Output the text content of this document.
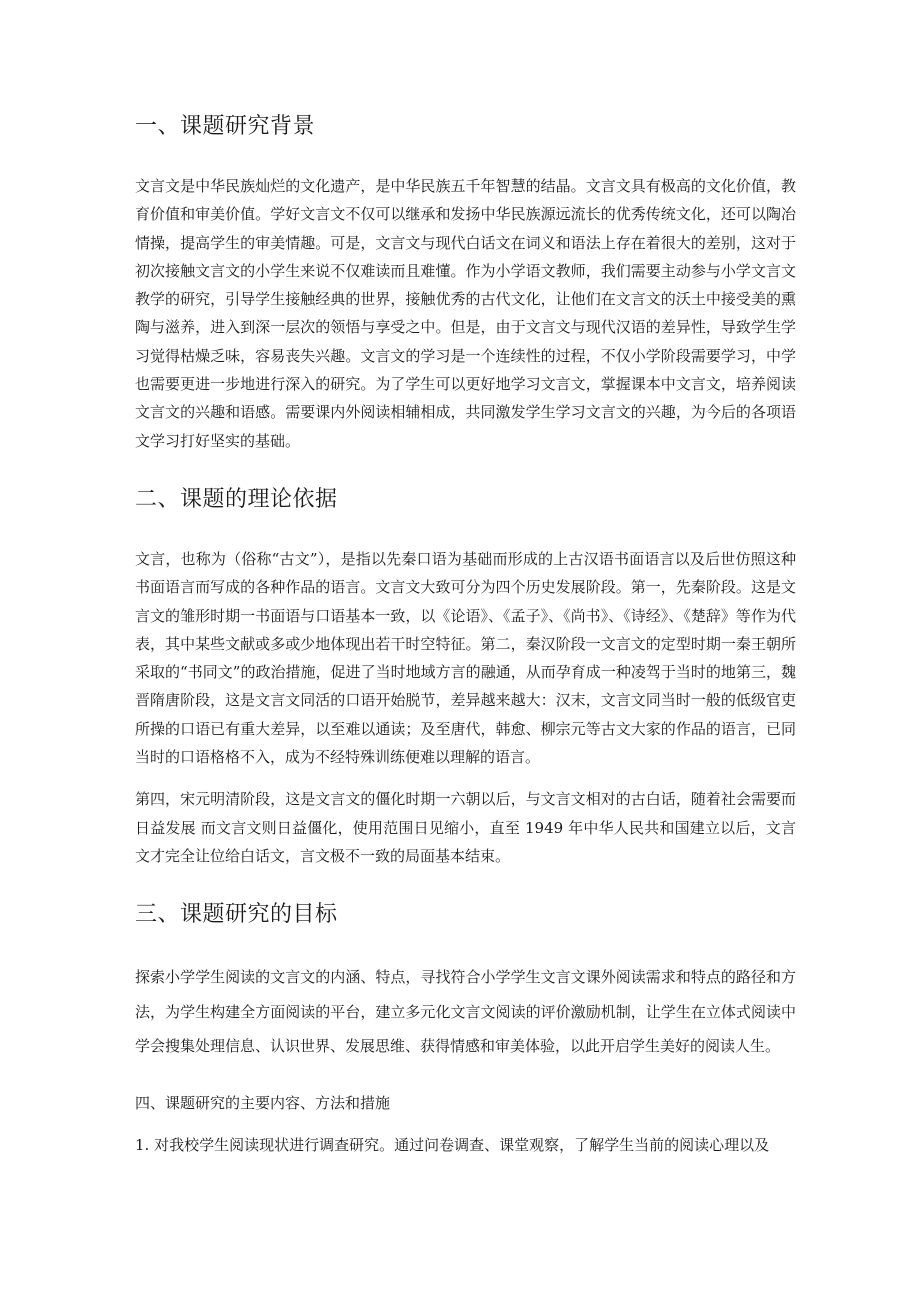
一、课题研究背景

文言文是中华民族灿烂的文化遗产，是中华民族五千年智慧的结晶。文言文具有极高的文化价值，教育价值和审美价值。学好文言文不仅可以继承和发扬中华民族源远流长的优秀传统文化，还可以陶冶情操，提高学生的审美情趣。可是，文言文与现代白话文在词义和语法上存在着很大的差别，这对于初次接触文言文的小学生来说不仅难读而且难懂。作为小学语文教师，我们需要主动参与小学文言文教学的研究，引导学生接触经典的世界，接触优秀的古代文化，让他们在文言文的沃土中接受美的熏陶与滋养，进入到深一层次的领悟与享受之中。但是，由于文言文与现代汉语的差异性，导致学生学习觉得枯燥乏味，容易丧失兴趣。文言文的学习是一个连续性的过程，不仅小学阶段需要学习，中学也需要更进一步地进行深入的研究。为了学生可以更好地学习文言文，掌握课本中文言文，培养阅读文言文的兴趣和语感。需要课内外阅读相辅相成，共同激发学生学习文言文的兴趣，为今后的各项语文学习打好坚实的基础。

二、课题的理论依据

文言，也称为（俗称“古文”），是指以先秦口语为基础而形成的上古汉语书面语言以及后世仿照这种书面语言而写成的各种作品的语言。文言文大致可分为四个历史发展阶段。第一，先秦阶段。这是文言文的雏形时期一书面语与口语基本一致，以《论语》、《孟子》、《尚书》、《诗经》、《楚辞》等作为代表，其中某些文献或多或少地体现出若干时空特征。第二，秦汉阶段一文言文的定型时期一秦王朝所采取的“书同文”的政治措施，促进了当时地域方言的融通，从而孕育成一种凌驾于当时的地第三，魏晋隋唐阶段，这是文言文同活的口语开始脱节，差异越来越大：汉末，文言文同当时一般的低级官吏所操的口语已有重大差异，以至难以通读；及至唐代，韩愈、柳宗元等古文大家的作品的语言，已同当时的口语格格不入，成为不经特殊训练便难以理解的语言。

第四，宋元明清阶段，这是文言文的僵化时期一六朝以后，与文言文相对的古白话，随着社会需要而日益发展 而文言文则日益僵化，使用范围日见缩小，直至 1949 年中华人民共和国建立以后，文言文才完全让位给白话文，言文极不一致的局面基本结束。

三、课题研究的目标

探索小学学生阅读的文言文的内涵、特点，寻找符合小学学生文言文课外阅读需求和特点的路径和方法，为学生构建全方面阅读的平台，建立多元化文言文阅读的评价激励机制，让学生在立体式阅读中学会搜集处理信息、认识世界、发展思维、获得情感和审美体验，以此开启学生美好的阅读人生。

四、课题研究的主要内容、方法和措施

1. 对我校学生阅读现状进行调查研究。通过问卷调查、课堂观察，了解学生当前的阅读心理以及
